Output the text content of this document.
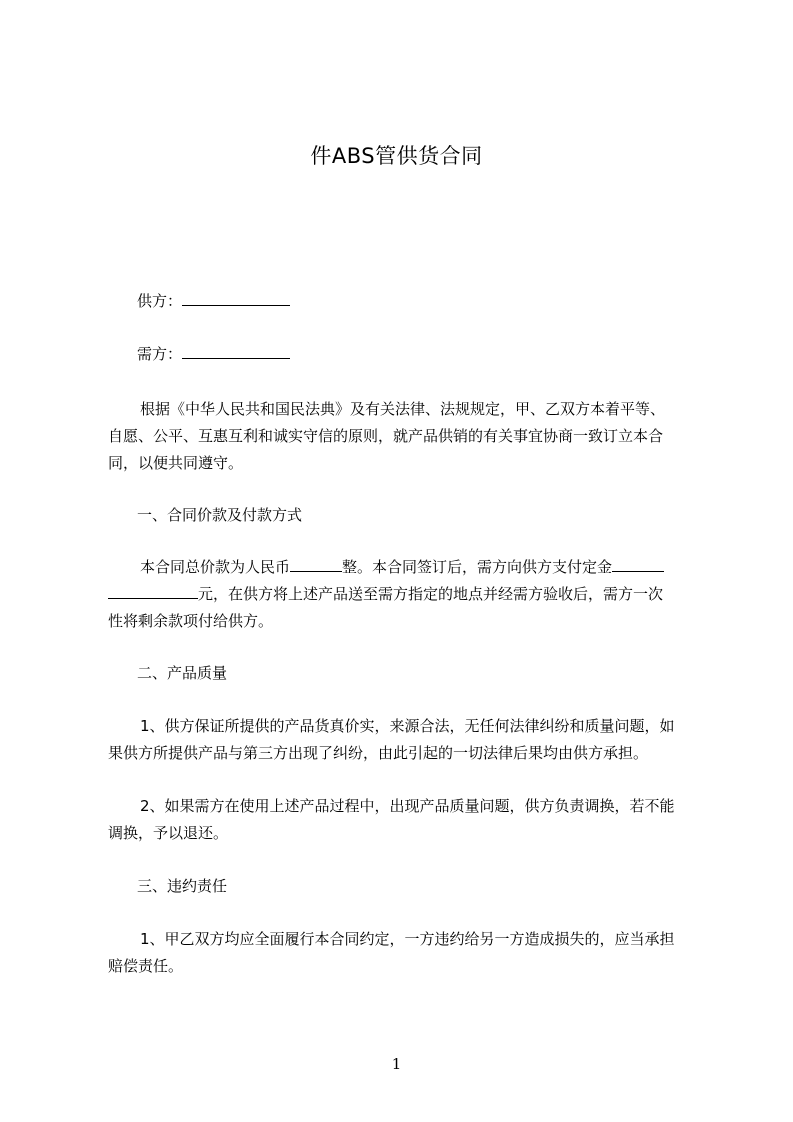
件ABS管供货合同
供方：
需方：
根据《中华人民共和国民法典》及有关法律、法规规定，甲、乙双方本着平等、
自愿、公平、互惠互利和诚实守信的原则，就产品供销的有关事宜协商一致订立本合
同，以便共同遵守。
一、合同价款及付款方式
本合同总价款为人民币	整。本合同签订后，需方向供方支付定金
元，在供方将上述产品送至需方指定的地点并经需方验收后，需方一次
性将剩余款项付给供方。
二、产品质量
1、供方保证所提供的产品货真价实，来源合法，无任何法律纠纷和质量问题，如
果供方所提供产品与第三方出现了纠纷，由此引起的一切法律后果均由供方承担。
2、如果需方在使用上述产品过程中，出现产品质量问题，供方负责调换，若不能
调换，予以退还。
三、违约责任
1、甲乙双方均应全面履行本合同约定，一方违约给另一方造成损失的，应当承担
赔偿责任。
1
